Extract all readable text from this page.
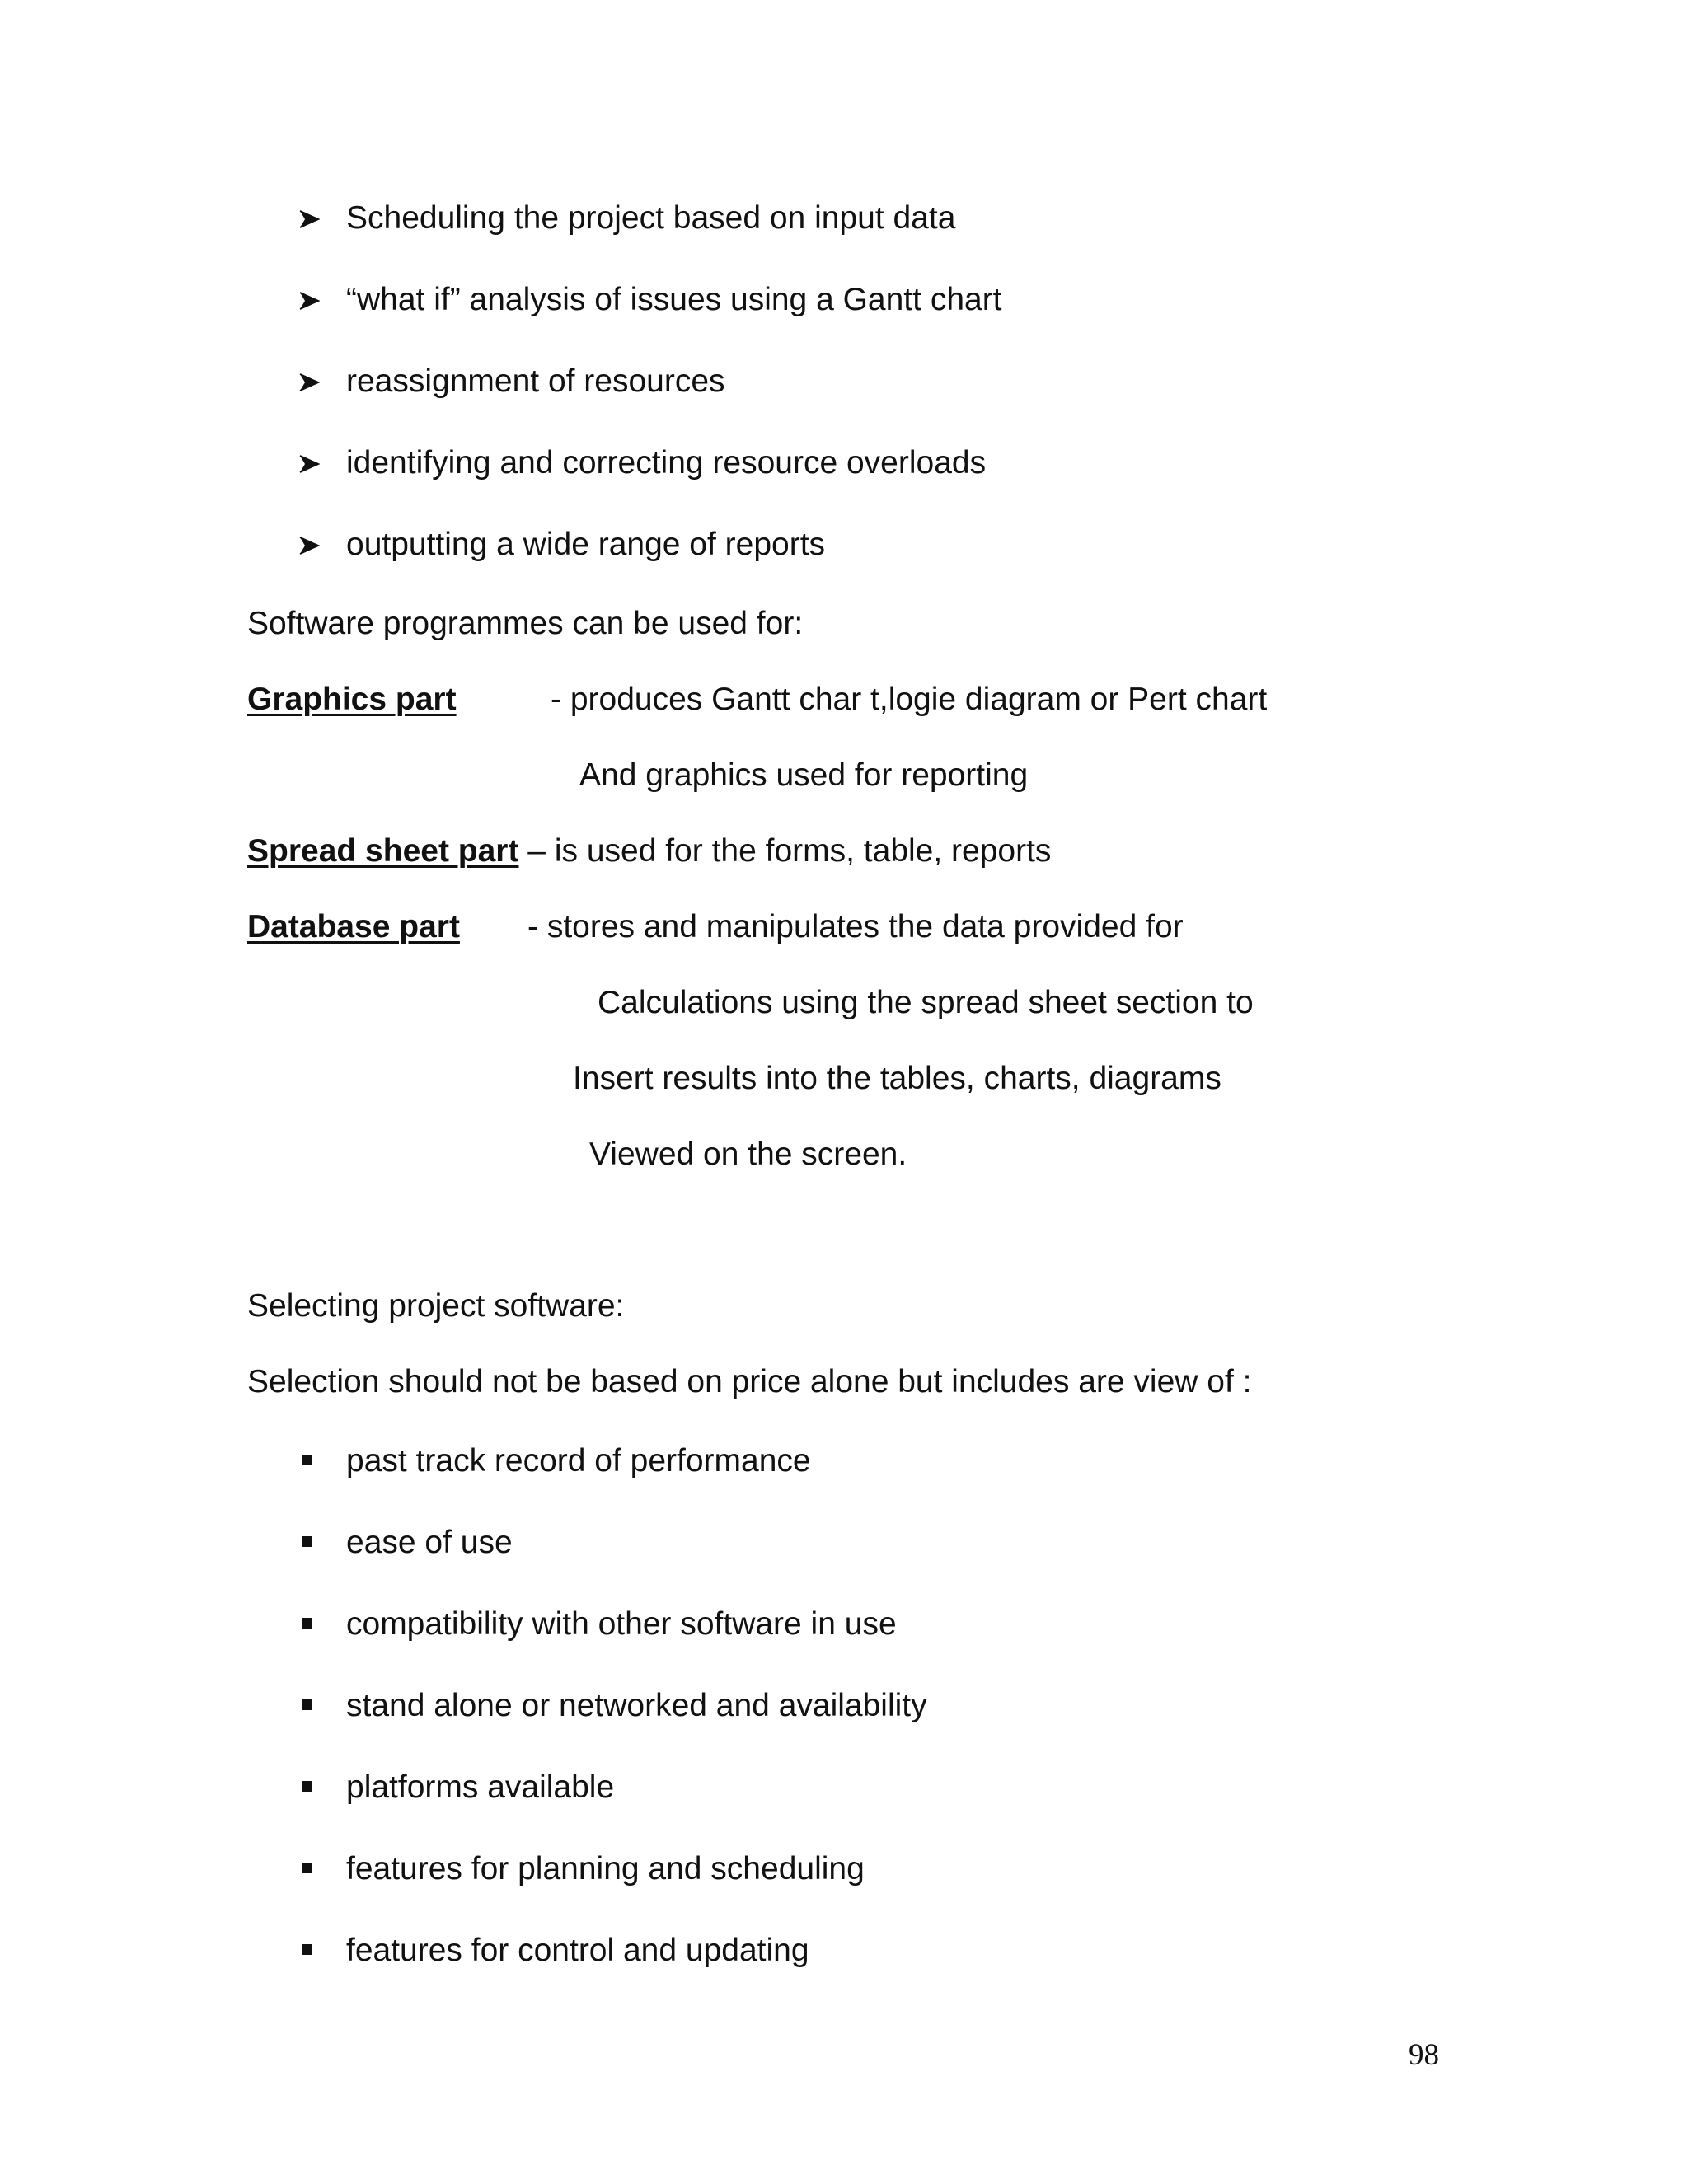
Scheduling the project based on input data
“what if” analysis of issues using a Gantt chart
reassignment of resources
identifying and correcting resource overloads
outputting a wide range of reports
Software programmes can be used for:
Graphics part	- produces Gantt char t,logie diagram or Pert chart
And graphics used for reporting
Spread sheet part – is used for the forms, table, reports
Database part - stores and manipulates the data provided for
Calculations using the spread sheet section to
Insert results into the tables, charts, diagrams
Viewed on the screen.
Selecting project software:
Selection should not be based on price alone but includes are view of :
past track record of performance
ease of use
compatibility with other software in use
stand alone or networked and availability
platforms available
features for planning and scheduling
features for control and updating
98
